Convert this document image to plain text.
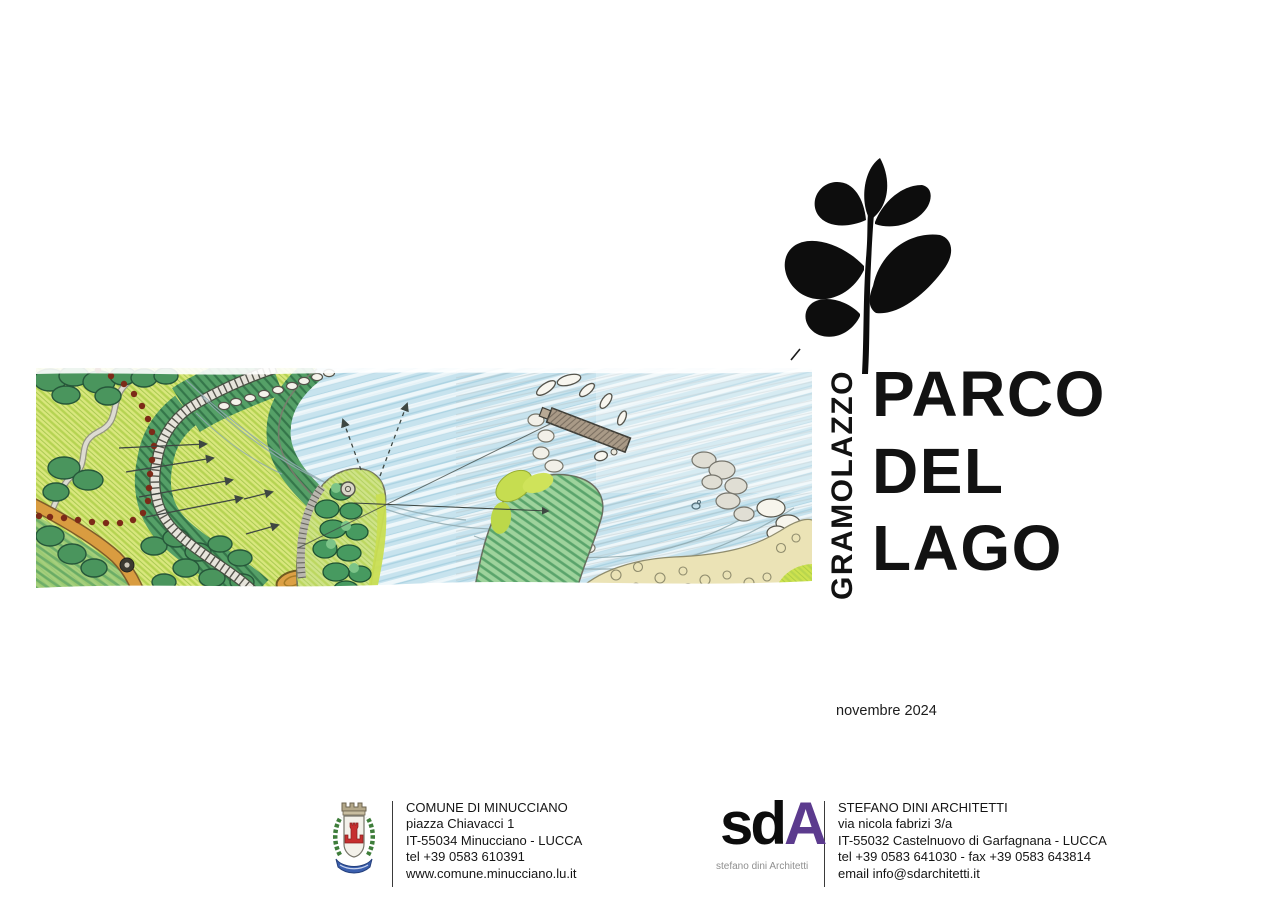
GRAMOLAZZO PARCO
DEL
LAGO
novembre 2024
COMUNE DI MINUCCIANO
piazza Chiavacci 1
IT-55034 Minucciano - LUCCA
tel +39 0583 610391
www.comune.minucciano.lu.it
sdA
stefano dini Architetti
STEFANO DINI ARCHITETTI
via nicola fabrizi 3/a
IT-55032 Castelnuovo di Garfagnana - LUCCA
tel +39 0583 641030 - fax +39 0583 643814
email info@sdarchitetti.it
